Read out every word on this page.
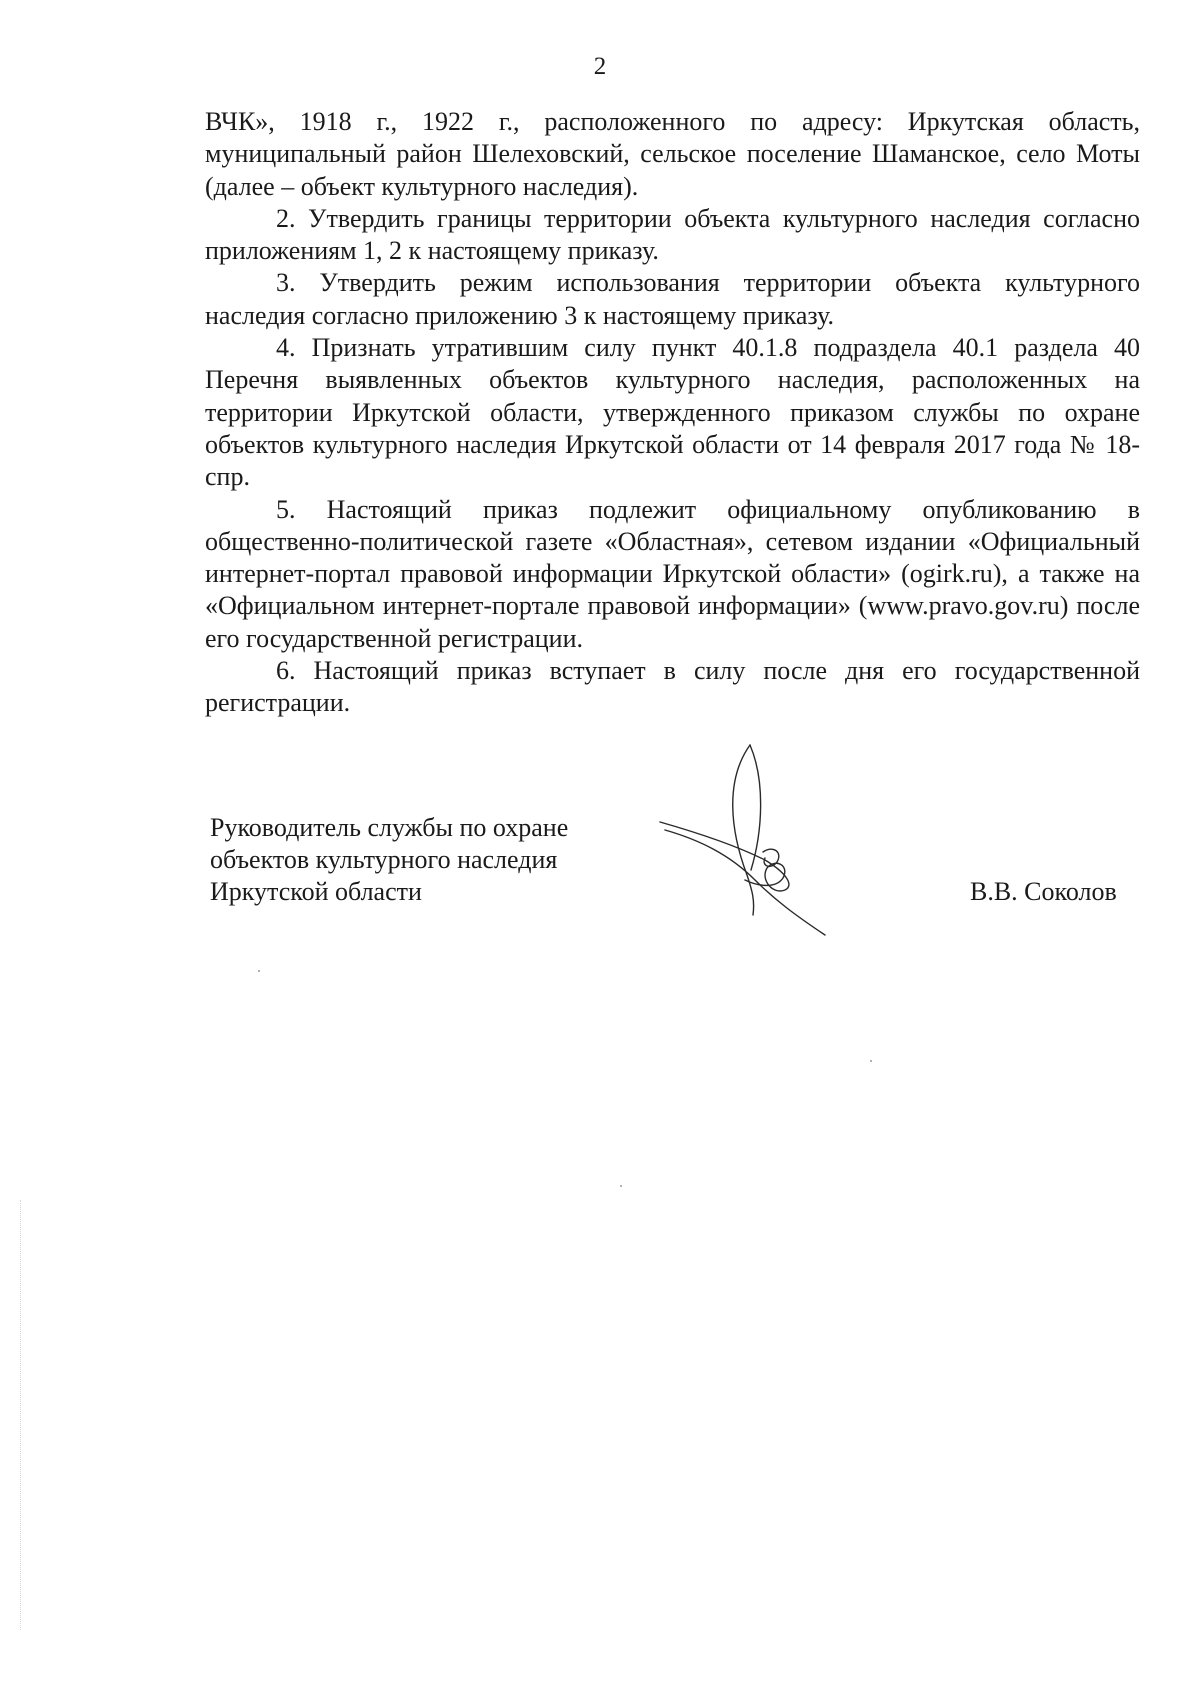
2

ВЧК», 1918 г., 1922 г., расположенного по адресу: Иркутская область, муниципальный район Шелеховский, сельское поселение Шаманское, село Моты (далее – объект культурного наследия).

2. Утвердить границы территории объекта культурного наследия согласно приложениям 1, 2 к настоящему приказу.

3. Утвердить режим использования территории объекта культурного наследия согласно приложению 3 к настоящему приказу.

4. Признать утратившим силу пункт 40.1.8 подраздела 40.1 раздела 40 Перечня выявленных объектов культурного наследия, расположенных на территории Иркутской области, утвержденного приказом службы по охране объектов культурного наследия Иркутской области от 14 февраля 2017 года № 18-спр.

5. Настоящий приказ подлежит официальному опубликованию в общественно-политической газете «Областная», сетевом издании «Официальный интернет-портал правовой информации Иркутской области» (ogirk.ru), а также на «Официальном интернет-портале правовой информации» (www.pravo.gov.ru) после его государственной регистрации.

6. Настоящий приказ вступает в силу после дня его государственной регистрации.

Руководитель службы по охране
объектов культурного наследия
Иркутской области	В.В. Соколов
